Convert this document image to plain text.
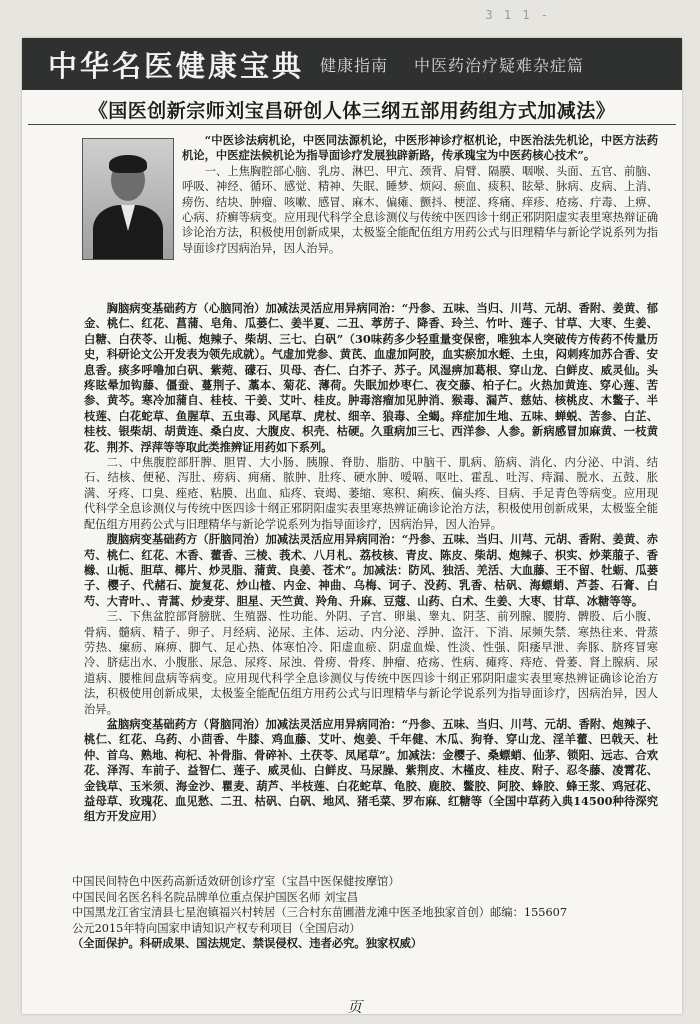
3 1 1 -
中华名医健康宝典 健康指南 中医药治疗疑难杂症篇
《国医创新宗师刘宝昌研创人体三纲五部用药组方式加减法》

“中医诊法病机论，中医同法源机论，中医形神诊疗枢机论，中医治法先机论，中医方法药机论，中医症法候机论为指导面诊疗发展独辟新路，传承瑰宝为中医药核心技术”。

一、上焦胸腔部心脑、乳房、淋巴、甲亢、颈背、肩臂、隔膜、咽喉、头面、五官、前脑、呼吸、神经、循环、感觉、精神、失眠、睡梦、烦闷、瘀血、痰积、眩晕、脉病、皮病、上消、痨伤、结块、肿瘤、咳嗽、感冒、麻木、偏瘫、颤抖、梗涩、疼痛、痒疹、疮疡、疔毒、上痹、心病、疥癣等病变。应用现代科学全息诊测仪与传统中医四诊十纲正邪阴阳虚实表里寒热辩证确诊论治方法，积极使用创新成果，太极鉴全能配伍组方用药公式与旧理精华与新论学说系列为指导面诊疗因病治异，因人治异。

胸脑病变基础药方（心脑同治）加减法灵活应用异病同治：“丹参、五味、当归、川芎、元胡、香附、姜黄、郁金、桃仁、红花、菖蒲、皂角、瓜蒌仁、姜半夏、二丑、葶苈子、降香、玲兰、竹叶、莲子、甘草、大枣、生姜、白糖、白茯苓、山栀、炮辣子、柴胡、三七、白矾”（30味药多少轻重量变保密，唯独本人突破传方传药不传量历史，科研论文公开发表为领先成就）。气虚加党参、黄芪、血虚加阿胶，血实瘀加水蛭、土虫，闷刺疼加苏合香、安息香。痰多呼噜加白矾、紫菀、礞石、贝母、杏仁、白芥子、苏子。风湿痹加葛根、穿山龙、白鲜皮、威灵仙。头疼眩晕加钩藤、僵蚕、蔓荆子、藁本、菊花、薄荷。失眠加炒枣仁、夜交藤、柏子仁。火热加黄连、穿心莲、苦参、黄芩。寒冷加蒲自、桂枝、干姜、艾叶、桂皮。肿毒溶瘤加见肿消、猴毒、漏芦、慈姑、核桃皮、木鳖子、半枝莲、白花蛇草、鱼腥草、五虫毒、风尾草、虎杖、细辛、狼毒、全蝎。痒症加生地、五味、蝉蜕、苦参、白芷、桂枝、银柴胡、胡黄连、桑白皮、大腹皮、枳壳、枯硬。久重病加三七、西洋参、人参。新病感冒加麻黄、一枝黄花、荆芥、浮萍等等取此类推辨证用药如下系列。

二、中焦腹腔部肝脾、胆胃、大小肠、胰腺、脊肋、脂肪、中脑干、肌病、筋病、消化、内分泌、中消、结石、结核、便秘、泻肚、痨病、痈痛、脓肿、肚疼、硬水肿、嗳嗝、呕吐、霍乱、吐泻、痔漏、脱水、五鼓、胀满、牙疼、口臭、痤疮、粘膜、出血、疝疼、衰竭、萎缩、寒积、痢疾、偏头疼、目病、手足青色等病变。应用现代科学全息诊测仪与传统中医四诊十纲正邪阴阳虚实表里寒热辨证确诊论治方法，积极使用创新成果，太极鉴全能配伍组方用药公式与旧理精华与新论学说系列为指导面诊疗，因病治异，因人治异。

腹脑病变基础药方（肝脑同治）加减法灵活应用异病同治：“丹参、五味、当归、川芎、元胡、香附、姜黄、赤芍、桃仁、红花、木香、藿香、三棱、莪术、八月札、荔枝核、青皮、陈皮、柴胡、炮辣子、枳实、炒莱菔子、香橼、山栀、胆草、椰片、炒灵脂、蒲黄、良姜、苍术”。加减法：防风、独活、羌活、大血藤、王不留、牡蛎、瓜蒌子、樱子、代赭石、旋复花、炒山楂、内金、神曲、乌梅、诃子、没药、乳香、枯矾、海螵蛸、芦荟、石膏、白芍、大青叶、、青蒿、炒麦芽、胆星、天竺黄、羚角、升麻、豆蔻、山药、白术、生姜、大枣、甘草、冰糖等等。

三、下焦盆腔部肾膀胱、生殖器、性功能、外阴、子宫、卵巢、睾丸、阴茎、前列腺、腰胯、髀股、后小腹、骨病、髓病、精子、卵子、月经病、泌尿、主体、运动、内分泌、浮肿、盗汗、下消、尿频失禁、寒热往来、骨蒸劳热、瘰疬、麻痹、脚气、足心热、体寒怕冷、阳虚血瘀、阴虚血燥、性淡、性强、阳痿早泄、奔豚、脐疼冒寒冷、脐痣出水、小腹胀、尿急、尿疼、尿浊、骨痨、骨疼、肿瘤、疮疡、性病、瘫疼、痔疮、骨萎、肾上腺病、尿道病、腰椎间盘病等病变。应用现代科学全息诊测仪与传统中医四诊十纲正邪阴阳虚实表里寒热辨证确诊论治方法，积极使用创新成果，太极鉴全能配伍组方用药公式与旧理精华与新论学说系列为指导面诊疗，因病治异，因人治异。

盆脑病变基础药方（肾脑同治）加减法灵活应用异病同治：“丹参、五味、当归、川芎、元胡、香附、炮辣子、桃仁、红花、乌药、小茴香、牛膝、鸡血藤、艾叶、炮姜、千年健、木瓜、狗脊、穿山龙、淫羊藿、巴戟天、杜仲、首乌、熟地、枸杞、补骨脂、骨碎补、土茯苓、凤尾草”。加减法：金樱子、桑螵蛸、仙茅、锁阳、远志、合欢花、泽泻、车前子、益智仁、莲子、威灵仙、白鲜皮、马尿臊、紫荆皮、木槿皮、桂皮、附子、忍冬藤、凌霄花、金钱草、玉米须、海金沙、瞿麦、葫芦、半枝莲、白花蛇草、龟胶、鹿胶、鳖胶、阿胶、蜂胶、蜂王浆、鸡冠花、益母草、玫瑰花、血见愁、二丑、枯矾、白矾、地风、猪毛菜、罗布麻、红糖等（全国中草药入典14500种待深究组方开发应用）

中国民间特色中医药高新适效研创诊疗室（宝昌中医保健按摩馆）
中国民间名医名科名院品牌单位重点保护国医名师 刘宝昌
中国黑龙江省宝清县七星泡镇福兴村转居（三合村东苗圃潜龙滩中医圣地独家首创）邮编：155607
公元2015年特向国家申请知识产权专利项目（全国启动）
（全面保护。科研成果、国法规定、禁误侵权、违者必究。独家权威）
页
